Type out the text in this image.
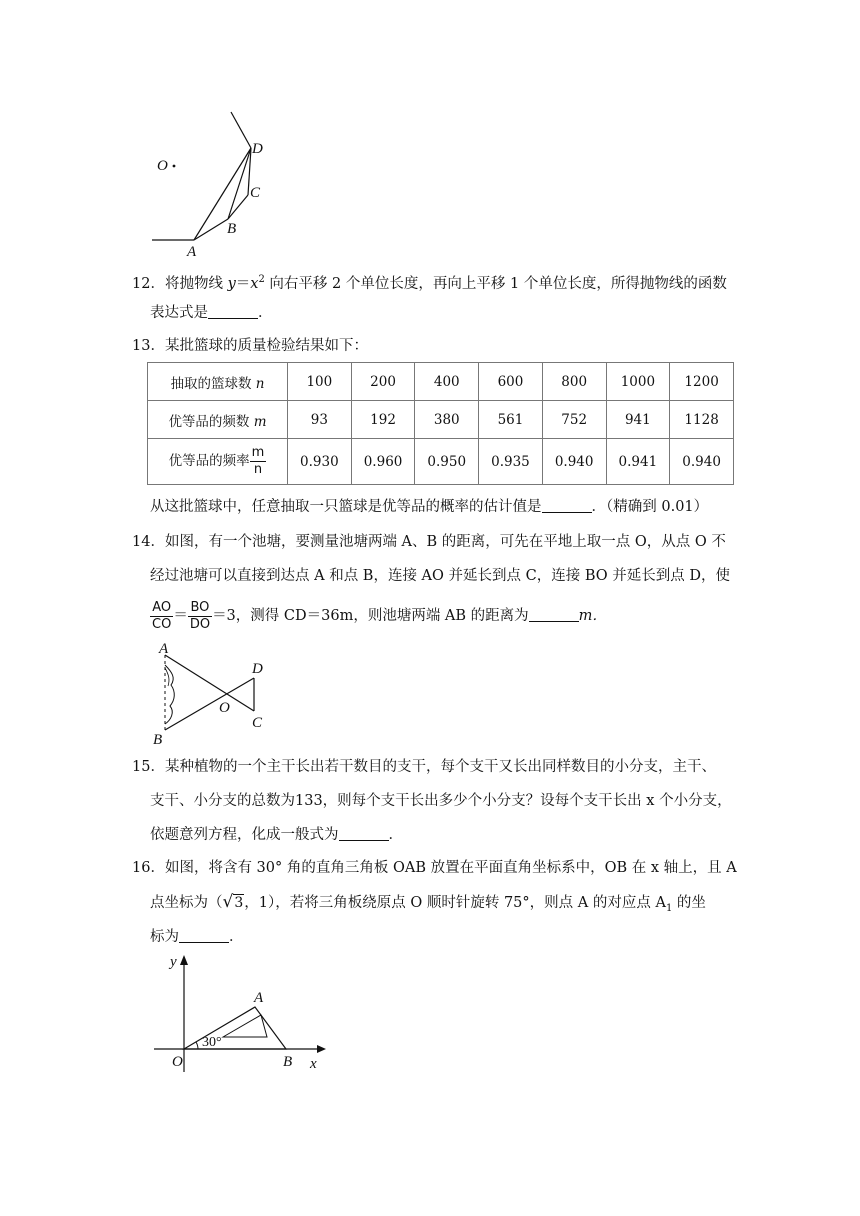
O
D
C
B
A
12．将抛物线 $y=x^2$ 向右平移 2 个单位长度，再向上平移 1 个单位长度，所得抛物线的函数
表达式是	．
13．某批篮球的质量检验结果如下：
抽取的篮球数 n	100	200	400	600	800	1000	1200
优等品的频数 m	93	192	380	561	752	941	1128
优等品的频率 $\frac{m}{n}$	0.930	0.960	0.950	0.935	0.940	0.941	0.940
从这批篮球中，任意抽取一只篮球是优等品的概率的估计值是	．（精确到 0.01）
14．如图，有一个池塘，要测量池塘两端 A、B 的距离，可先在平地上取一点 O，从点 O 不
经过池塘可以直接到达点 A 和点 B，连接 AO 并延长到点 C，连接 BO 并延长到点 D，使
$\frac{AO}{CO} = \frac{BO}{DO} =3$，测得 CD＝36m，则池塘两端 AB 的距离为	m．
A
D
O
C
B
15．某种植物的一个主干长出若干数目的支干，每个支干又长出同样数目的小分支，主干、
支干、小分支的总数为133，则每个支干长出多少个小分支？设每个支干长出 x 个小分支，
依题意列方程，化成一般式为	．
16．如图，将含有 30° 角的直角三角板 OAB 放置在平面直角坐标系中，OB 在 x 轴上，且 A
点坐标为（√3，1），若将三角板绕原点 O 顺时针旋转 75°，则点 A 的对应点 $A_1$ 的坐
标为	．
y
x
A
O	B
30°
